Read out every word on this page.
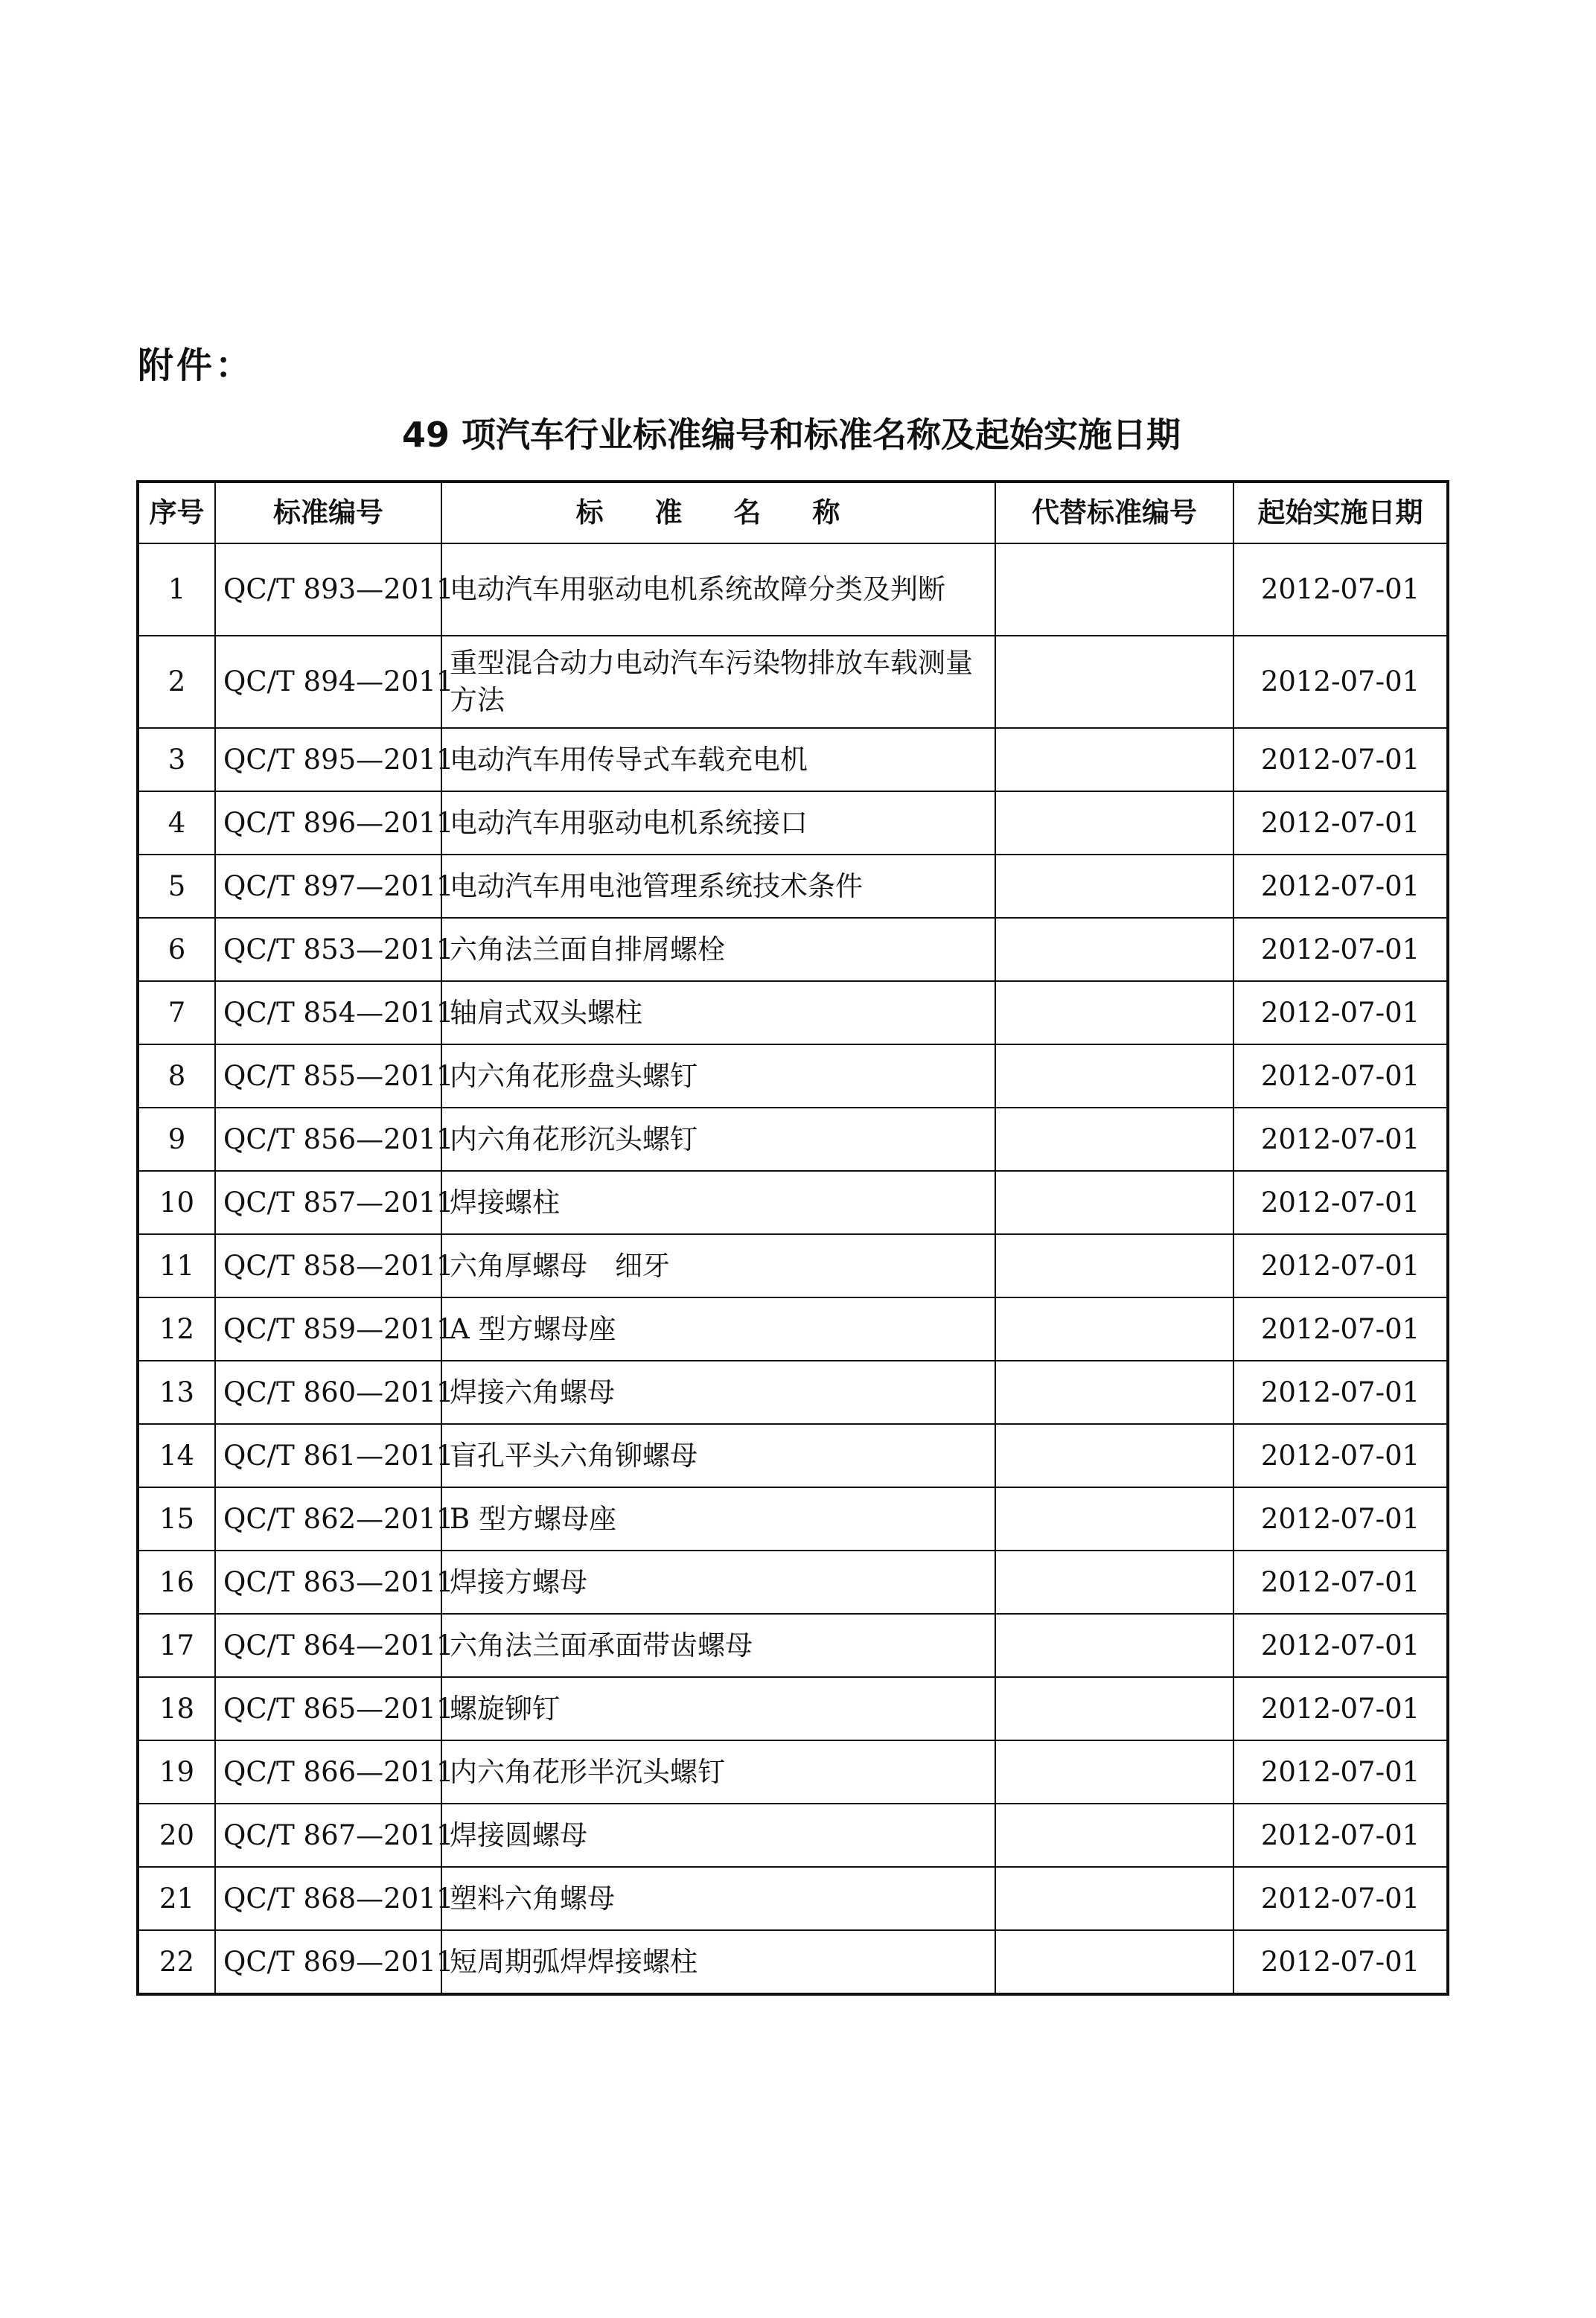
附件：
49 项汽车行业标准编号和标准名称及起始实施日期
序号	标准编号	标 准 名 称	代替标准编号	起始实施日期
1	QC/T 893—2011	电动汽车用驱动电机系统故障分类及判断		2012-07-01
2	QC/T 894—2011	重型混合动力电动汽车污染物排放车载测量方法		2012-07-01
3	QC/T 895—2011	电动汽车用传导式车载充电机		2012-07-01
4	QC/T 896—2011	电动汽车用驱动电机系统接口		2012-07-01
5	QC/T 897—2011	电动汽车用电池管理系统技术条件		2012-07-01
6	QC/T 853—2011	六角法兰面自排屑螺栓		2012-07-01
7	QC/T 854—2011	轴肩式双头螺柱		2012-07-01
8	QC/T 855—2011	内六角花形盘头螺钉		2012-07-01
9	QC/T 856—2011	内六角花形沉头螺钉		2012-07-01
10	QC/T 857—2011	焊接螺柱		2012-07-01
11	QC/T 858—2011	六角厚螺母　细牙		2012-07-01
12	QC/T 859—2011	A 型方螺母座		2012-07-01
13	QC/T 860—2011	焊接六角螺母		2012-07-01
14	QC/T 861—2011	盲孔平头六角铆螺母		2012-07-01
15	QC/T 862—2011	B 型方螺母座		2012-07-01
16	QC/T 863—2011	焊接方螺母		2012-07-01
17	QC/T 864—2011	六角法兰面承面带齿螺母		2012-07-01
18	QC/T 865—2011	螺旋铆钉		2012-07-01
19	QC/T 866—2011	内六角花形半沉头螺钉		2012-07-01
20	QC/T 867—2011	焊接圆螺母		2012-07-01
21	QC/T 868—2011	塑料六角螺母		2012-07-01
22	QC/T 869—2011	短周期弧焊焊接螺柱		2012-07-01
